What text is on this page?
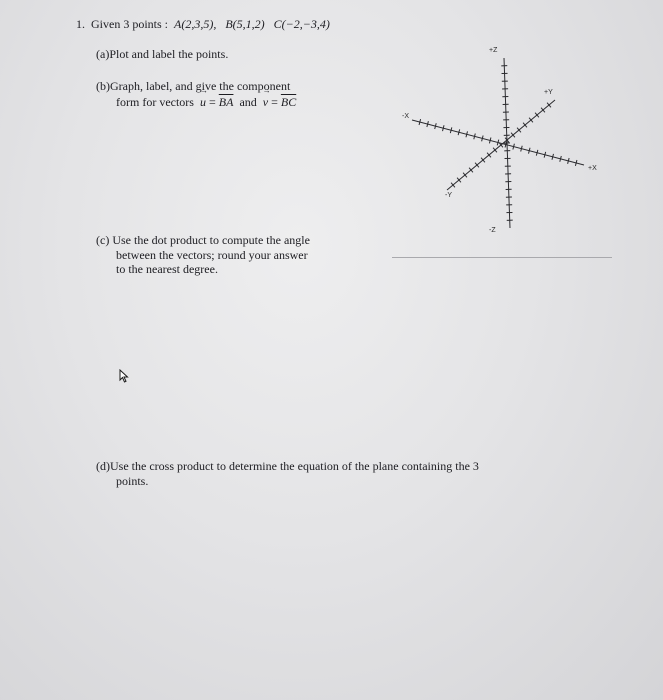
1. Given 3 points : A(2,3,5), B(5,1,2) C(−2,−3,4)

(a)Plot and label the points.

(b)Graph, label, and give the component

form for vectors → $u = \overline{BA}$ and → $v = \overline{BC}$

+Z
+Y
-X
+X
-Y
-Z

(c) Use the dot product to compute the angle

between the vectors; round your answer

to the nearest degree.

(d)Use the cross product to determine the equation of the plane containing the 3

points.
